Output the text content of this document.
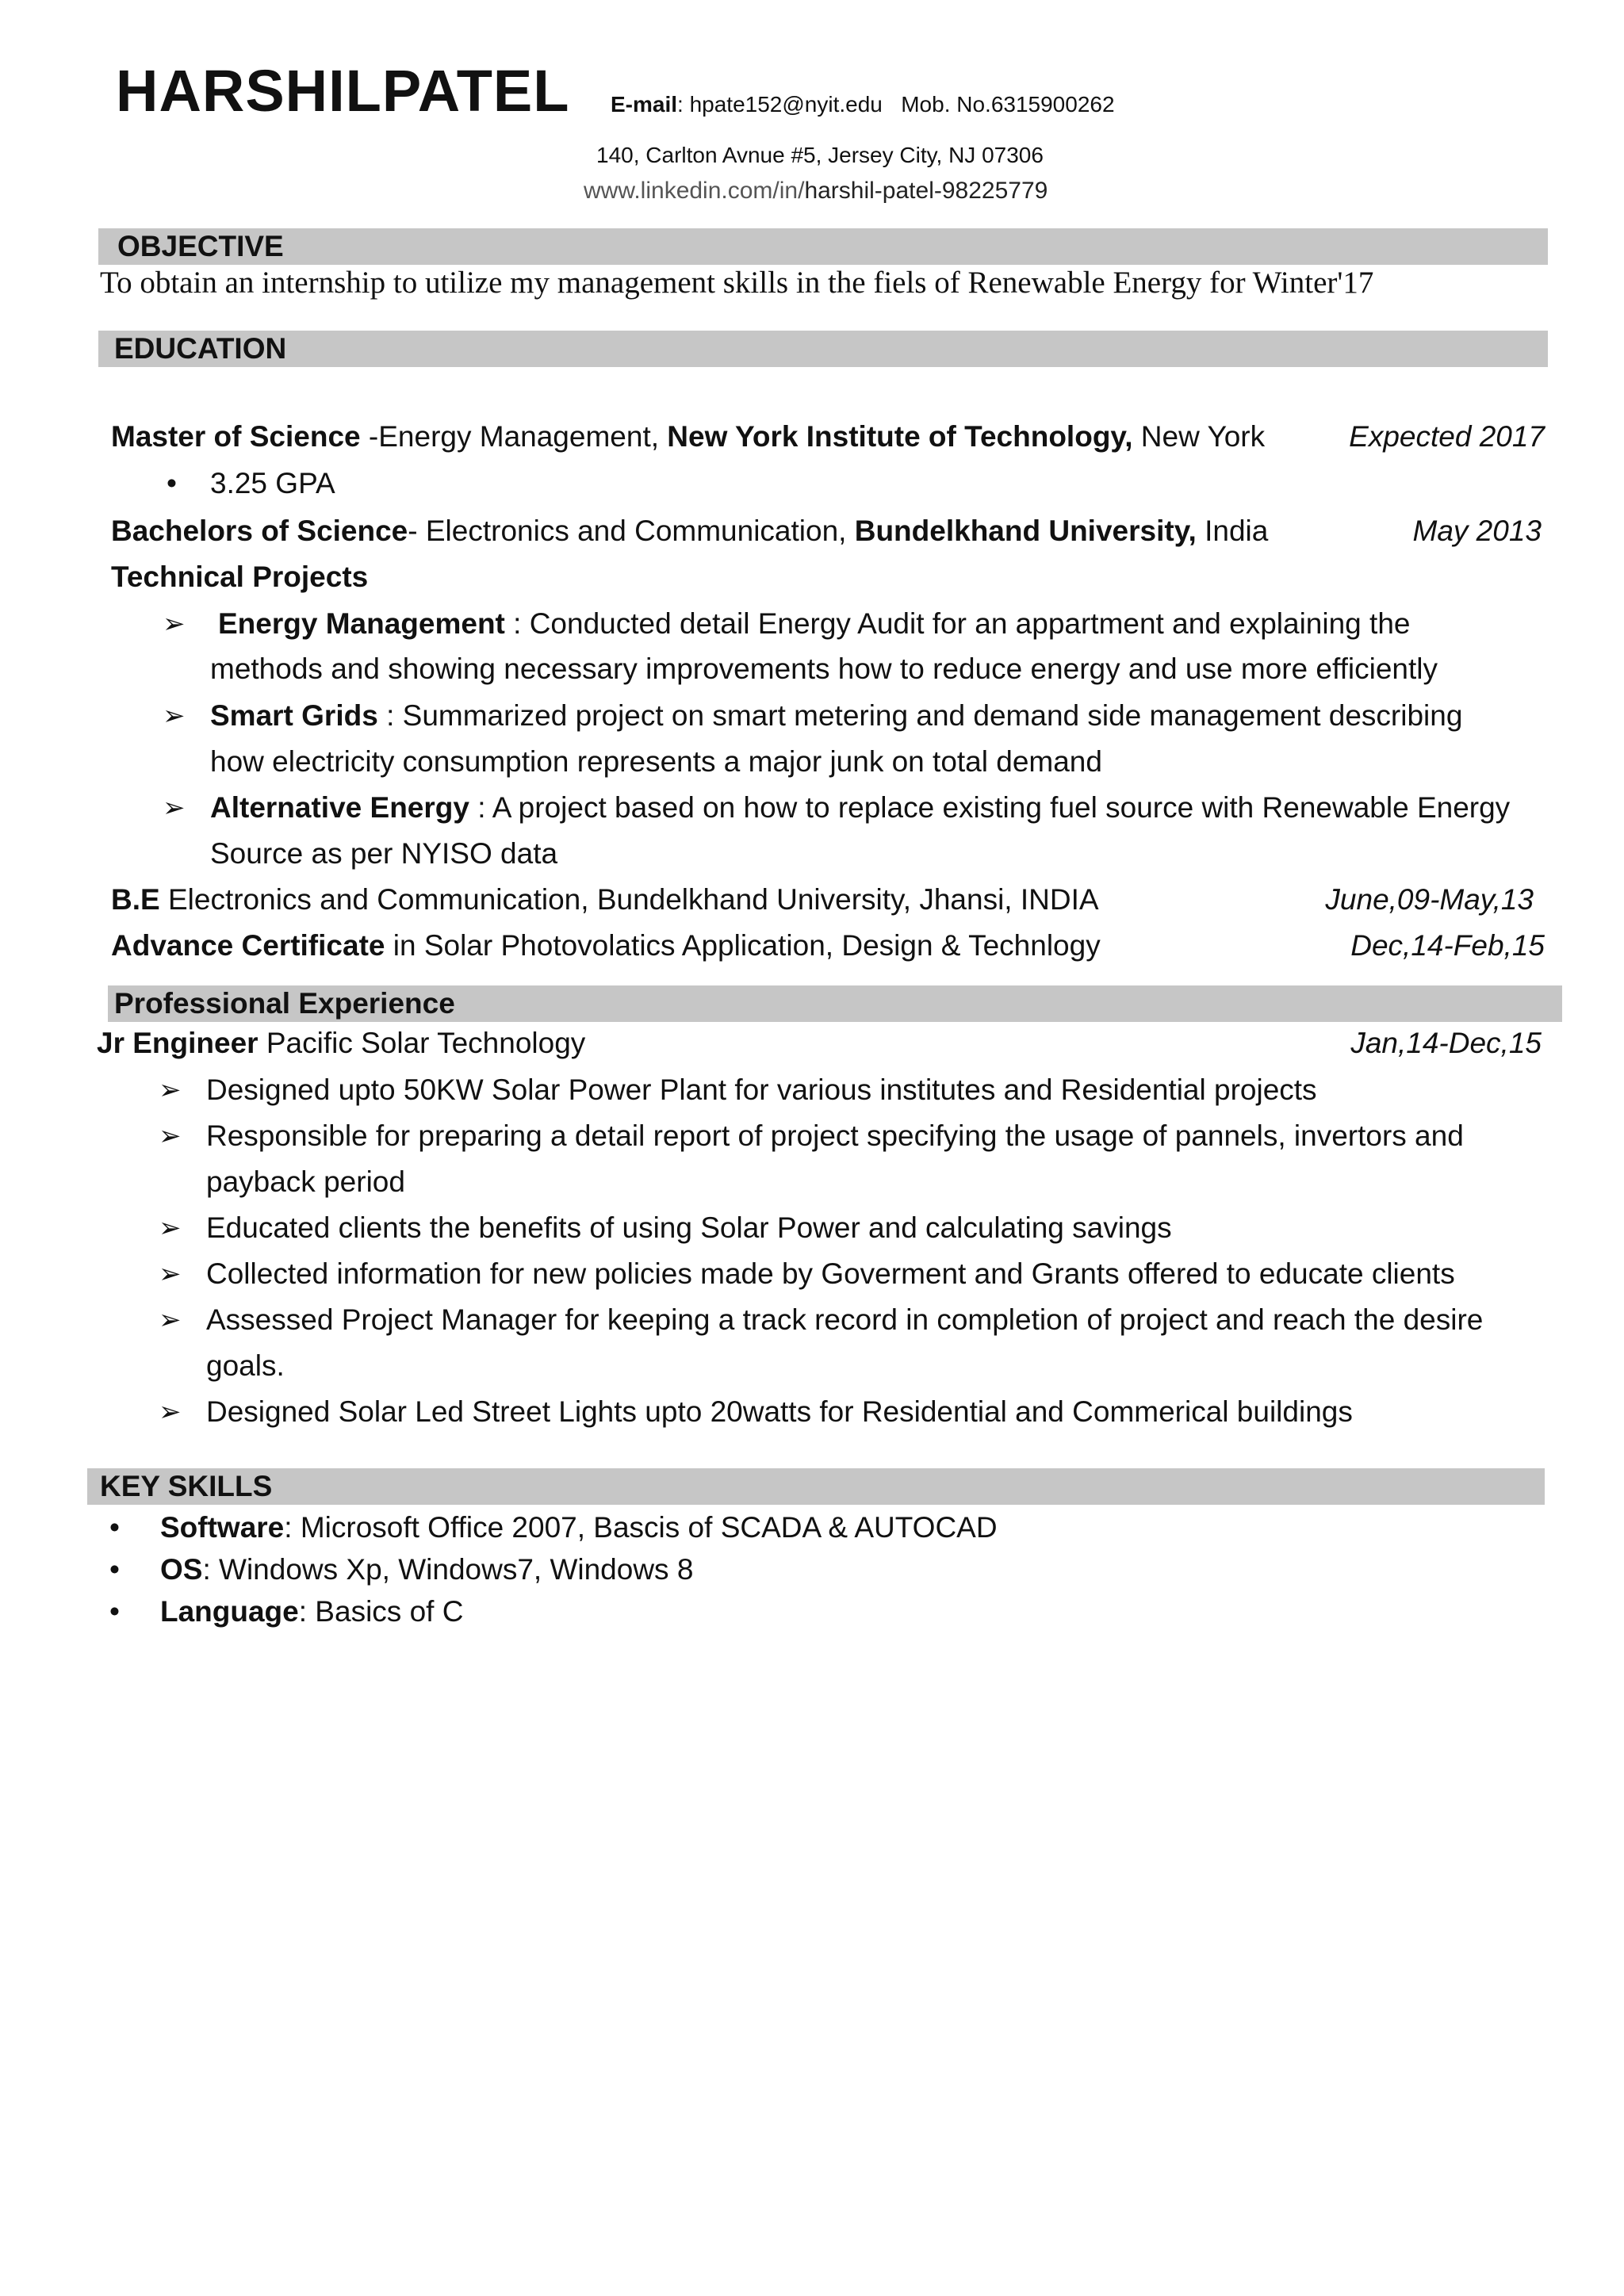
HARSHILPATEL E-mail: hpate152@nyit.edu Mob. No.6315900262
140, Carlton Avnue #5, Jersey City, NJ 07306
www.linkedin.com/in/harshil-patel-98225779
OBJECTIVE
To obtain an internship to utilize my management skills in the fiels of Renewable Energy for Winter'17
EDUCATION
Master of Science -Energy Management, New York Institute of Technology, New York	Expected 2017
• 3.25 GPA
Bachelors of Science- Electronics and Communication, Bundelkhand University, India	May 2013
Technical Projects
➢ Energy Management : Conducted detail Energy Audit for an appartment and explaining the
methods and showing necessary improvements how to reduce energy and use more efficiently
➢ Smart Grids : Summarized project on smart metering and demand side management describing
how electricity consumption represents a major junk on total demand
➢ Alternative Energy : A project based on how to replace existing fuel source with Renewable Energy
Source as per NYISO data
B.E Electronics and Communication, Bundelkhand University, Jhansi, INDIA	June,09-May,13
Advance Certificate in Solar Photovolatics Application, Design & Technlogy	Dec,14-Feb,15
Professional Experience
Jr Engineer Pacific Solar Technology	Jan,14-Dec,15
➢ Designed upto 50KW Solar Power Plant for various institutes and Residential projects
➢ Responsible for preparing a detail report of project specifying the usage of pannels, invertors and
payback period
➢ Educated clients the benefits of using Solar Power and calculating savings
➢ Collected information for new policies made by Goverment and Grants offered to educate clients
➢ Assessed Project Manager for keeping a track record in completion of project and reach the desire
goals.
➢ Designed Solar Led Street Lights upto 20watts for Residential and Commerical buildings
KEY SKILLS
• Software: Microsoft Office 2007, Bascis of SCADA & AUTOCAD
• OS: Windows Xp, Windows7, Windows 8
• Language: Basics of C
